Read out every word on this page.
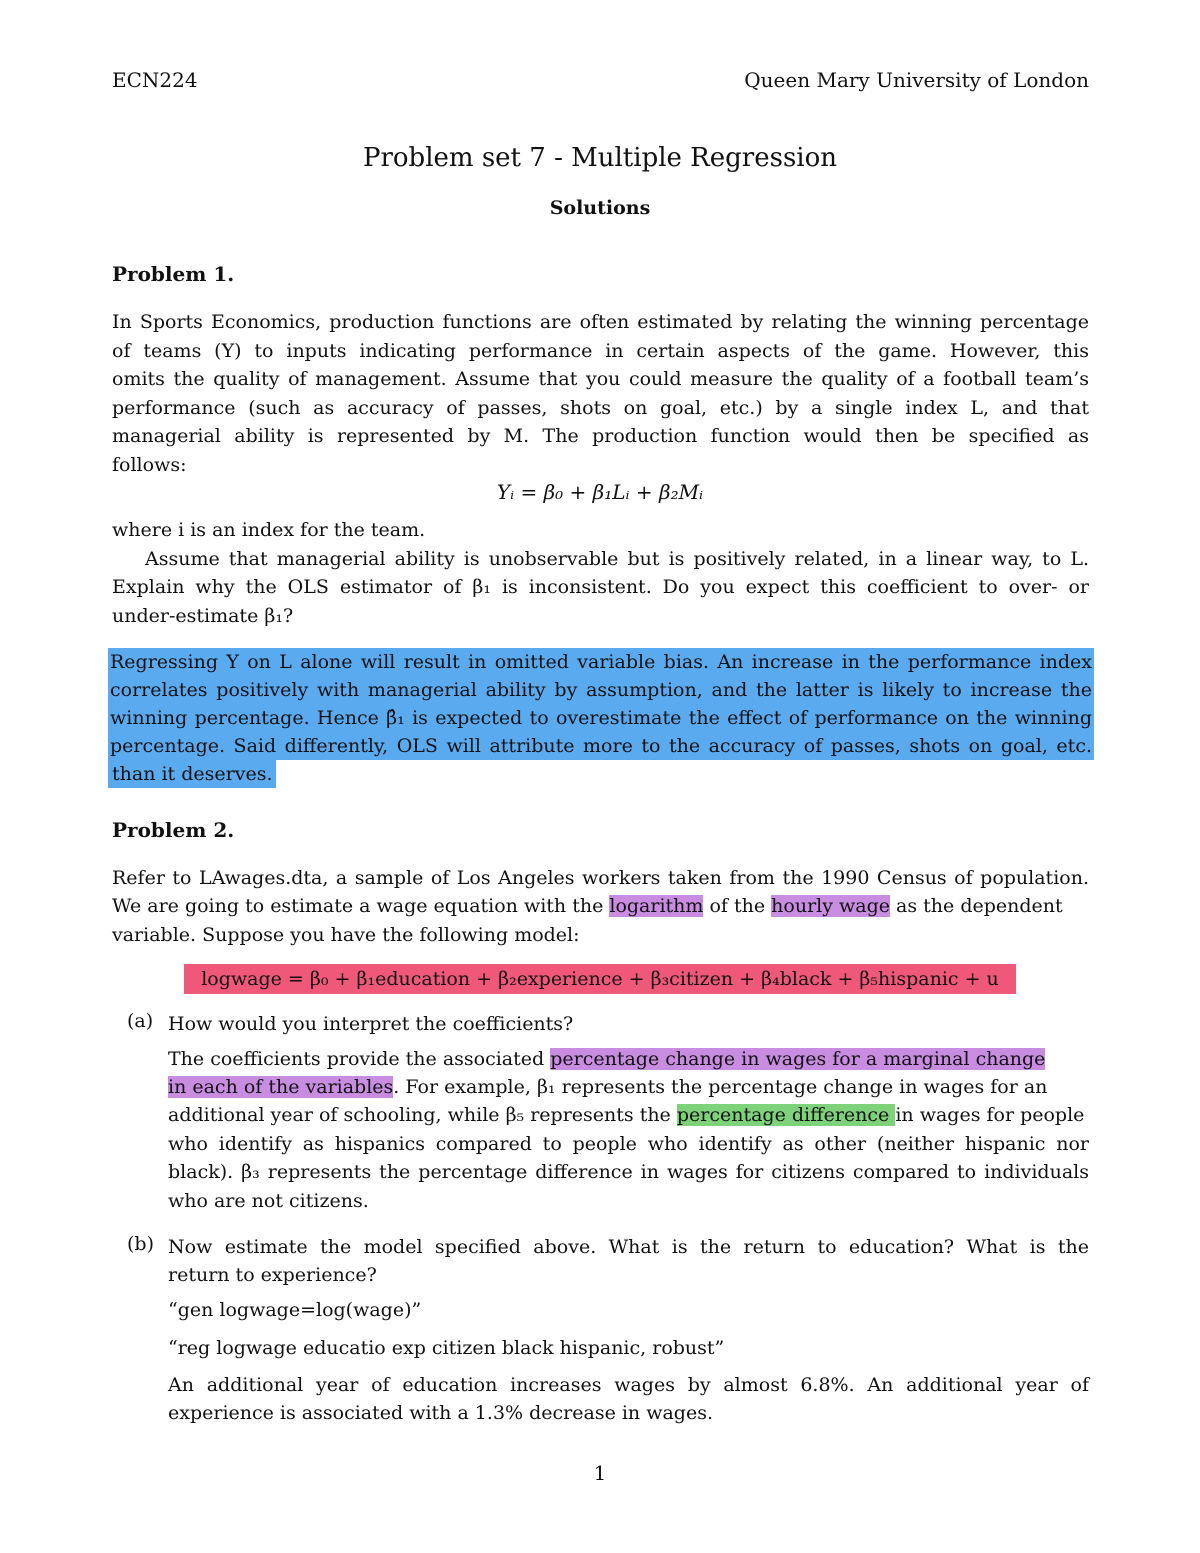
ECN224	Queen Mary University of London
Problem set 7 - Multiple Regression
Solutions
Problem 1.
In Sports Economics, production functions are often estimated by relating the winning percentage
of teams (Y) to inputs indicating performance in certain aspects of the game. However, this
omits the quality of management. Assume that you could measure the quality of a football team’s
performance (such as accuracy of passes, shots on goal, etc.) by a single index L, and that
managerial ability is represented by M. The production function would then be specified as
follows:
Yᵢ = β₀ + β₁Lᵢ + β₂Mᵢ
where i is an index for the team.
Assume that managerial ability is unobservable but is positively related, in a linear way, to L.
Explain why the OLS estimator of β₁ is inconsistent. Do you expect this coefficient to over- or
under-estimate β₁?
Regressing Y on L alone will result in omitted variable bias. An increase in the performance index
correlates positively with managerial ability by assumption, and the latter is likely to increase the
winning percentage. Hence β̂₁ is expected to overestimate the effect of performance on the winning
percentage. Said differently, OLS will attribute more to the accuracy of passes, shots on goal, etc.
than it deserves.
Problem 2.
Refer to LAwages.dta, a sample of Los Angeles workers taken from the 1990 Census of population.
We are going to estimate a wage equation with the logarithm of the hourly wage as the dependent
variable. Suppose you have the following model:
logwage = β₀ + β₁education + β₂experience + β₃citizen + β₄black + β₅hispanic + u
(a) How would you interpret the coefficients?
The coefficients provide the associated percentage change in wages for a marginal change
in each of the variables. For example, β₁ represents the percentage change in wages for an
additional year of schooling, while β₅ represents the percentage difference in wages for people
who identify as hispanics compared to people who identify as other (neither hispanic nor
black). β₃ represents the percentage difference in wages for citizens compared to individuals
who are not citizens.
(b) Now estimate the model specified above. What is the return to education? What is the
return to experience?
“gen logwage=log(wage)”
“reg logwage educatio exp citizen black hispanic, robust”
An additional year of education increases wages by almost 6.8%. An additional year of
experience is associated with a 1.3% decrease in wages.
1
